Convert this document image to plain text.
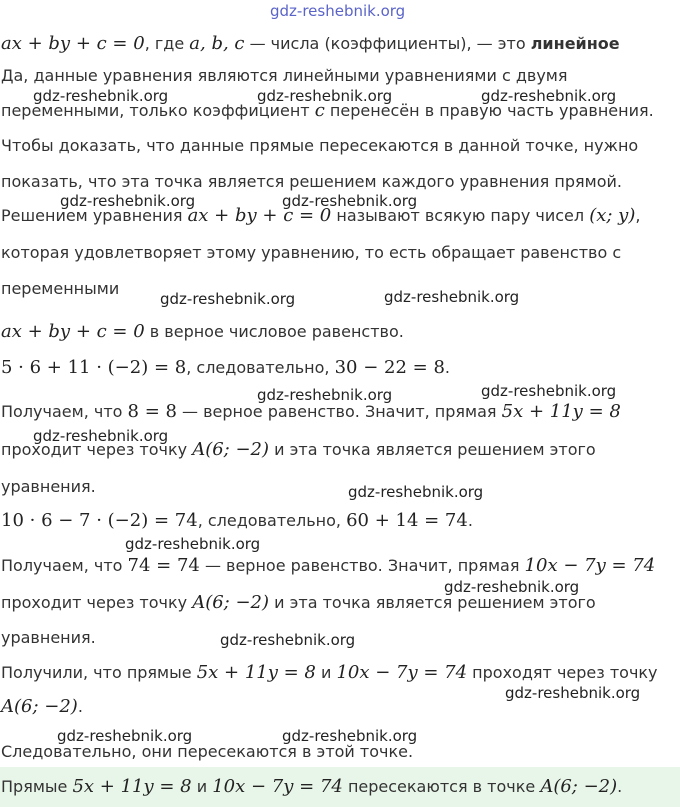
gdz-reshebnik.org
ax + by + c = 0, где a, b, c — числа (коэффициенты), — это линейное
Да, данные уравнения являются линейными уравнениями с двумя
gdz-reshebnik.org	gdz-reshebnik.org	gdz-reshebnik.org
переменными, только коэффициент c перенесён в правую часть уравнения.
Чтобы доказать, что данные прямые пересекаются в данной точке, нужно
показать, что эта точка является решением каждого уравнения прямой.
gdz-reshebnik.org	gdz-reshebnik.org
Решением уравнения ax + by + c = 0 называют всякую пару чисел (x; y),
которая удовлетворяет этому уравнению, то есть обращает равенство с
переменными
gdz-reshebnik.org	gdz-reshebnik.org
ax + by + c = 0 в верное числовое равенство.
5 · 6 + 11 · (−2) = 8, следовательно, 30 − 22 = 8.
gdz-reshebnik.org	gdz-reshebnik.org
Получаем, что 8 = 8 — верное равенство. Значит, прямая 5x + 11y = 8
gdz-reshebnik.org
проходит через точку A(6; −2) и эта точка является решением этого
уравнения.	gdz-reshebnik.org
10 · 6 − 7 · (−2) = 74, следовательно, 60 + 14 = 74.
gdz-reshebnik.org
Получаем, что 74 = 74 — верное равенство. Значит, прямая 10x − 7y = 74
gdz-reshebnik.org
проходит через точку A(6; −2) и эта точка является решением этого
уравнения.	gdz-reshebnik.org
Получили, что прямые 5x + 11y = 8 и 10x − 7y = 74 проходят через точку
gdz-reshebnik.org
A(6; −2).
gdz-reshebnik.org	gdz-reshebnik.org
Следовательно, они пересекаются в этой точке.
Прямые 5x + 11y = 8 и 10x − 7y = 74 пересекаются в точке A(6; −2).
